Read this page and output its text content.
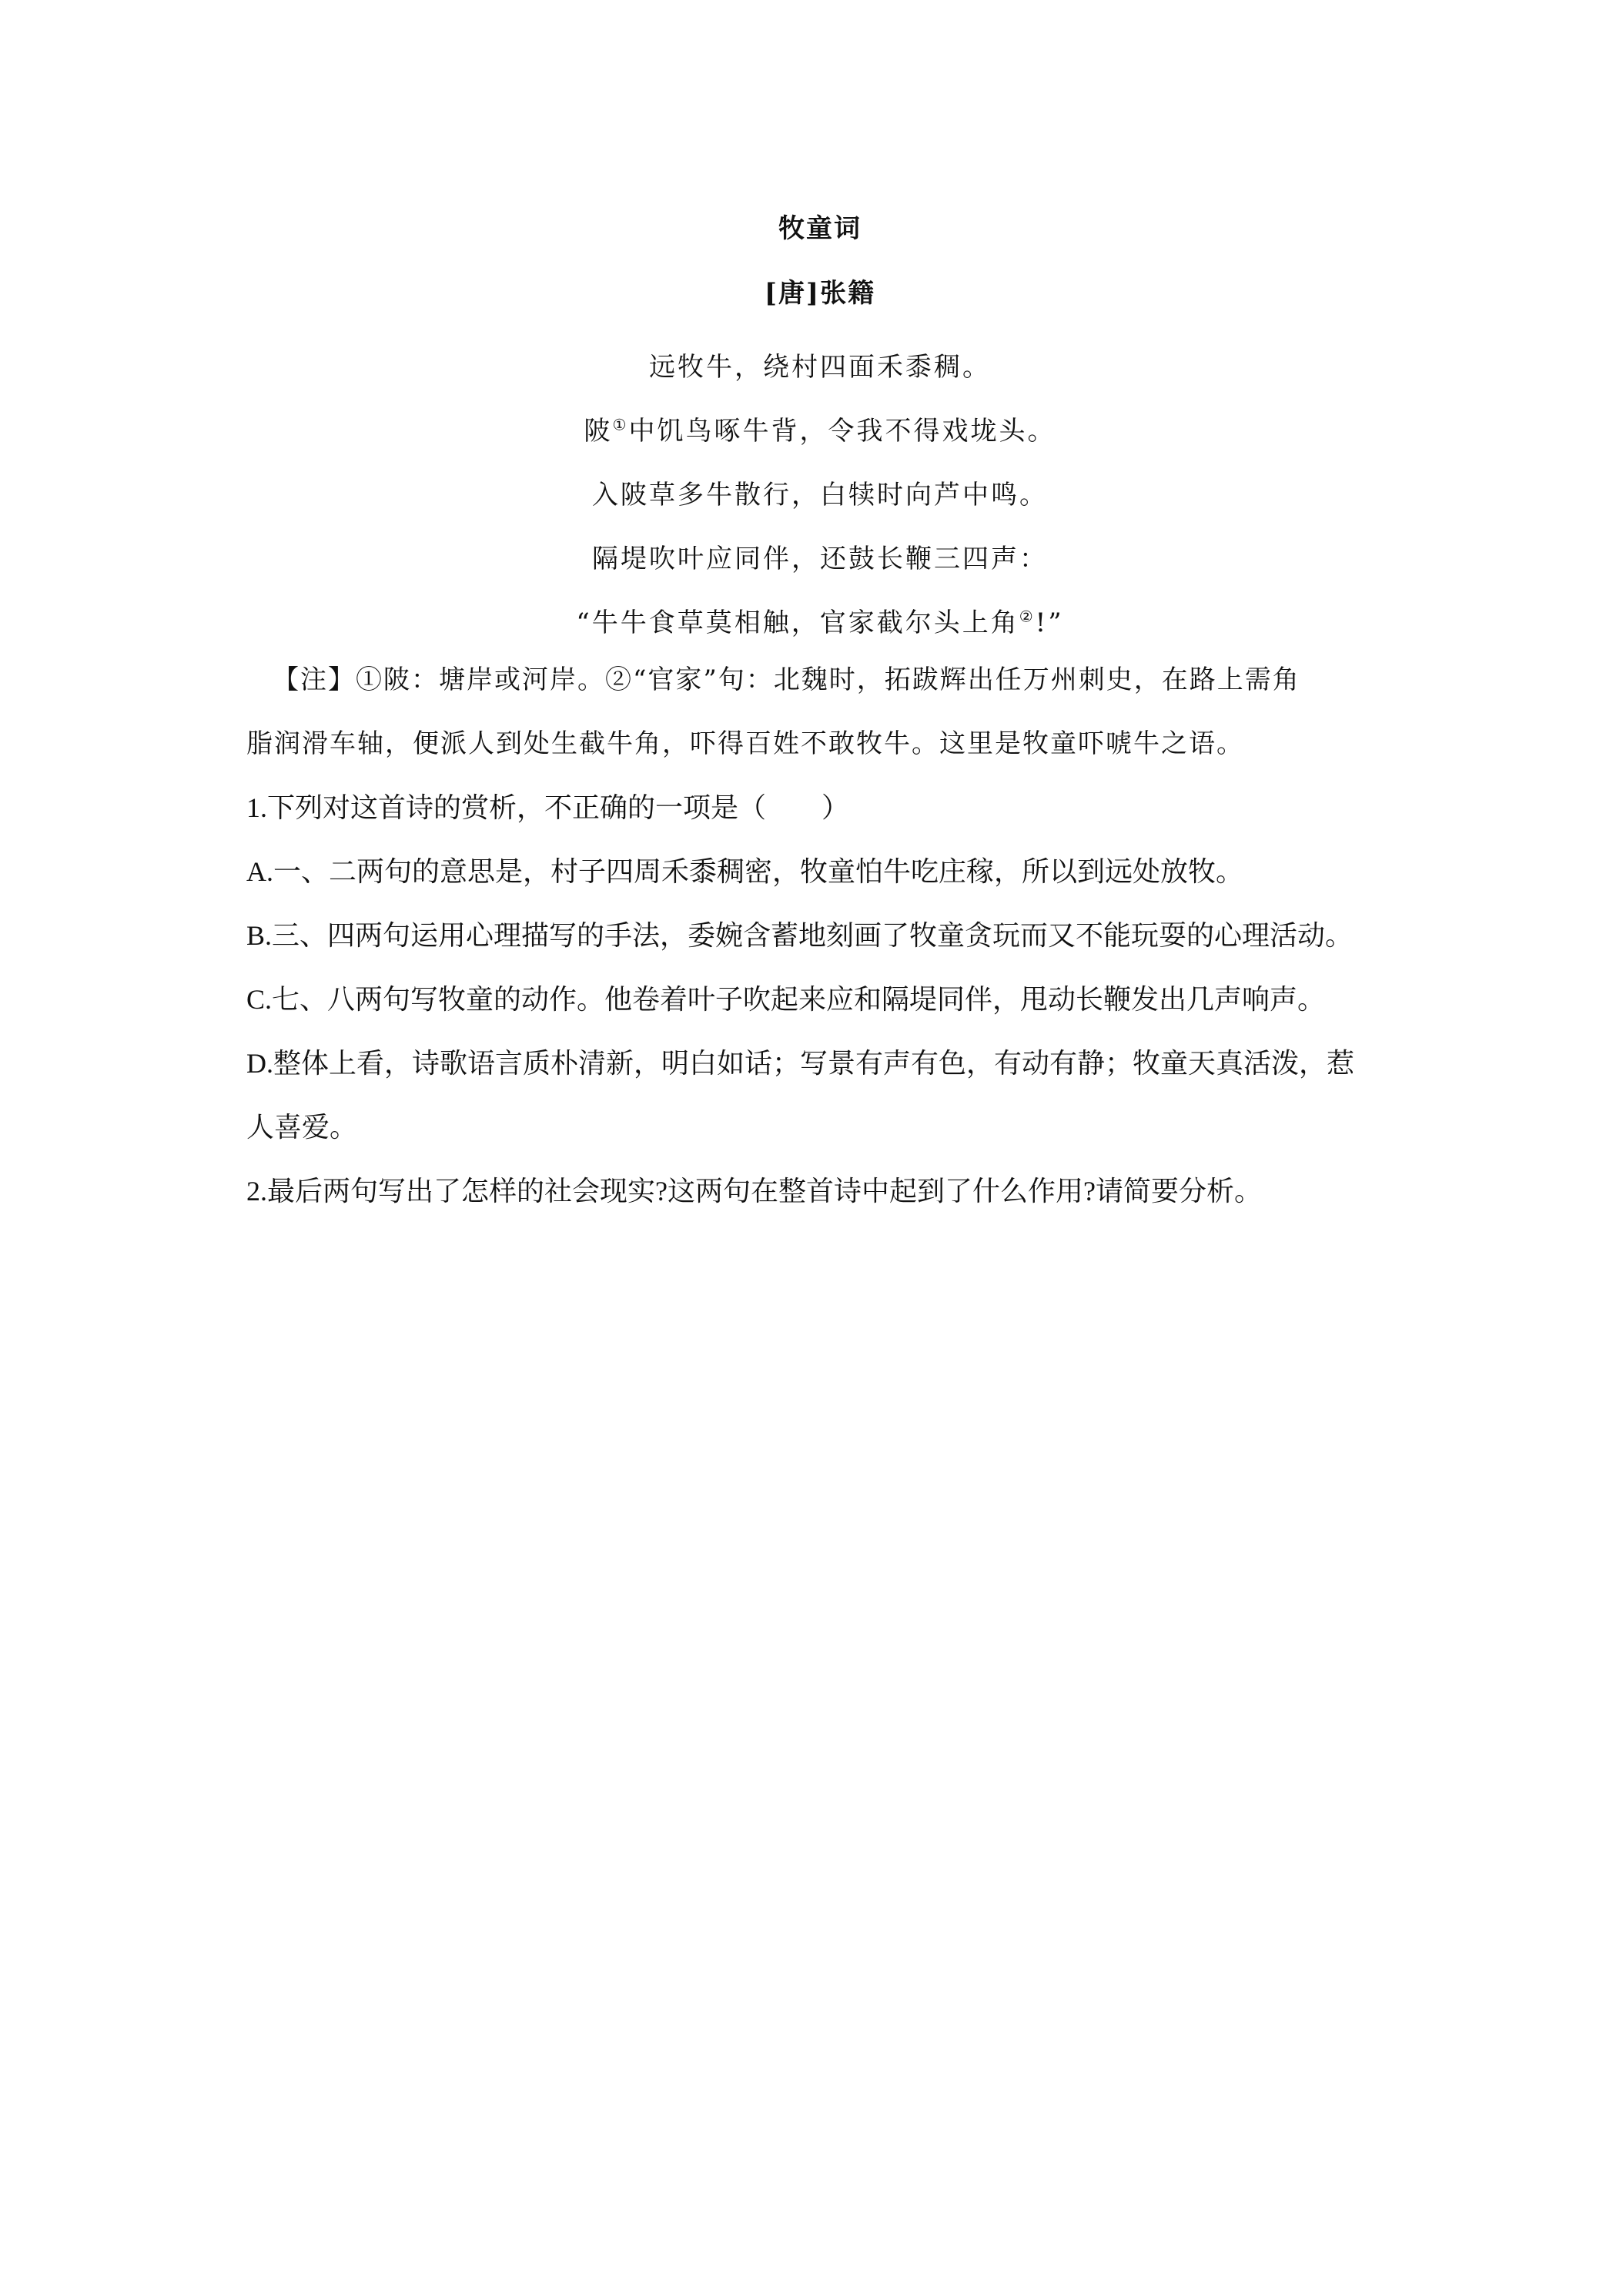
牧童词
[唐]张籍
远牧牛，绕村四面禾黍稠。
陂①中饥鸟啄牛背，令我不得戏垅头。
入陂草多牛散行，白犊时向芦中鸣。
隔堤吹叶应同伴，还鼓长鞭三四声：
“牛牛食草莫相触，官家截尔头上角②!”

【注】①陂：塘岸或河岸。②“官家”句：北魏时，拓跋辉出任万州刺史，在路上需角

脂润滑车轴，便派人到处生截牛角，吓得百姓不敢牧牛。这里是牧童吓唬牛之语。

1.下列对这首诗的赏析，不正确的一项是（　　）

A.一、二两句的意思是，村子四周禾黍稠密，牧童怕牛吃庄稼，所以到远处放牧。

B.三、四两句运用心理描写的手法，委婉含蓄地刻画了牧童贪玩而又不能玩耍的心理活动。

C.七、八两句写牧童的动作。他卷着叶子吹起来应和隔堤同伴，甩动长鞭发出几声响声。

D.整体上看，诗歌语言质朴清新，明白如话；写景有声有色，有动有静；牧童天真活泼，惹

人喜爱。

2.最后两句写出了怎样的社会现实?这两句在整首诗中起到了什么作用?请简要分析。
